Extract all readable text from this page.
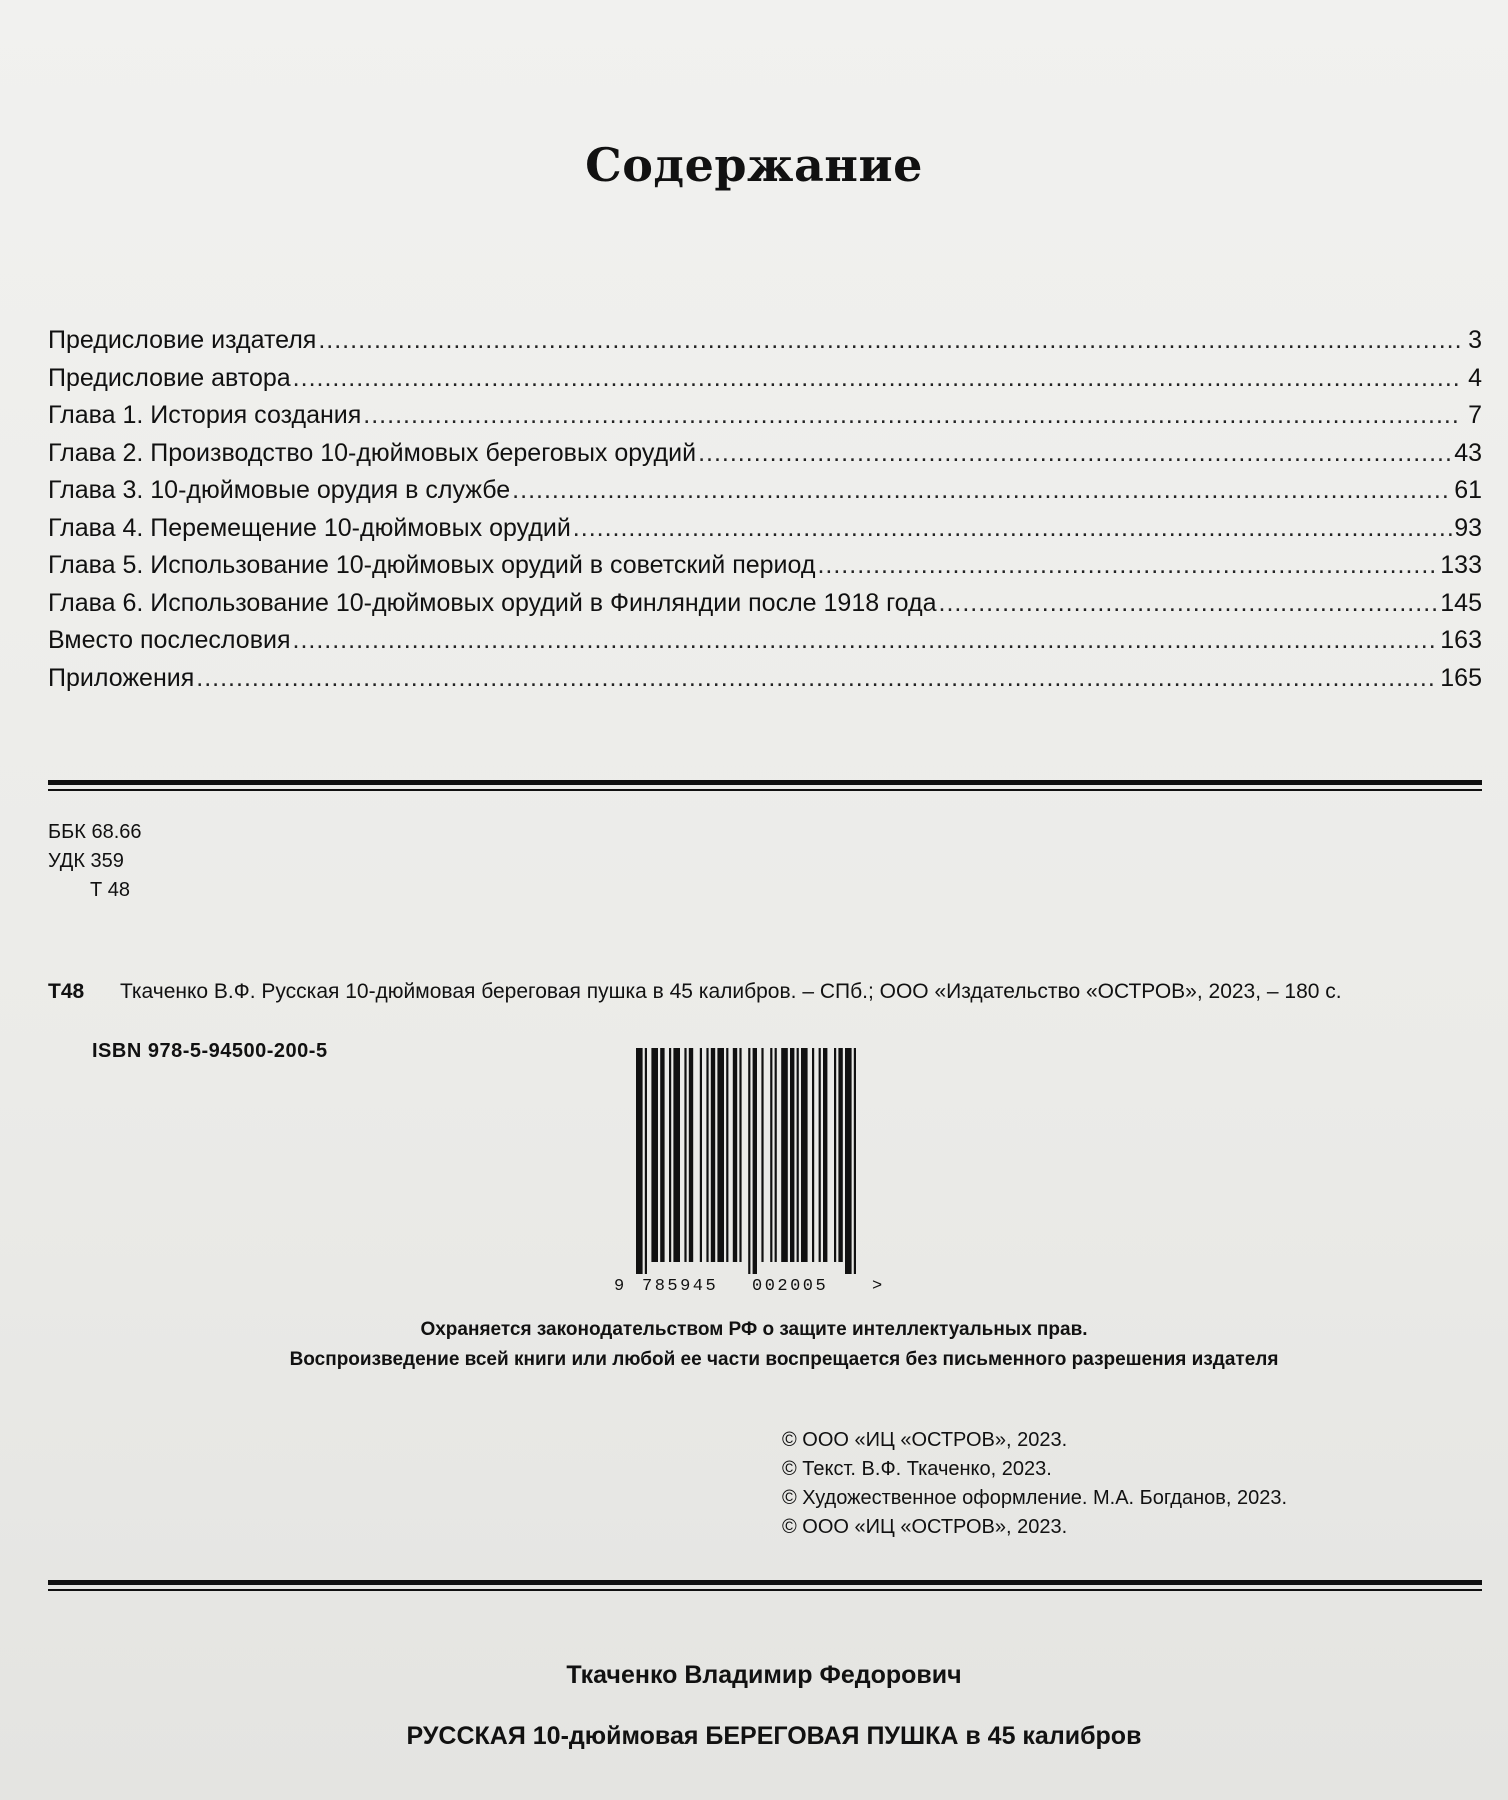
Содержание
Предисловие издателя .....	3
Предисловие автора .....	4
Глава 1. История создания .....	7
Глава 2. Производство 10-дюймовых береговых орудий .....	43
Глава 3. 10-дюймовые орудия в службе .....	61
Глава 4. Перемещение 10-дюймовых орудий .....	93
Глава 5. Использование 10-дюймовых орудий в советский период .....	133
Глава 6. Использование 10-дюймовых орудий в Финляндии после 1918 года .....	145
Вместо послесловия .....	163
Приложения .....	165
ББК 68.66
УДК 359
Т 48
Т48 Ткаченко В.Ф. Русская 10-дюймовая береговая пушка в 45 калибров. – СПб.; ООО «Издательство «ОСТРОВ», 2023, – 180 с.
ISBN 978-5-94500-200-5
9 785945 002005	>
Охраняется законодательством РФ о защите интеллектуальных прав.
Воспроизведение всей книги или любой ее части воспрещается без письменного разрешения издателя
© ООО «ИЦ «ОСТРОВ», 2023.
© Текст. В.Ф. Ткаченко, 2023.
© Художественное оформление. М.А. Богданов, 2023.
© ООО «ИЦ «ОСТРОВ», 2023.
Ткаченко Владимир Федорович
РУССКАЯ 10-дюймовая БЕРЕГОВАЯ ПУШКА в 45 калибров
